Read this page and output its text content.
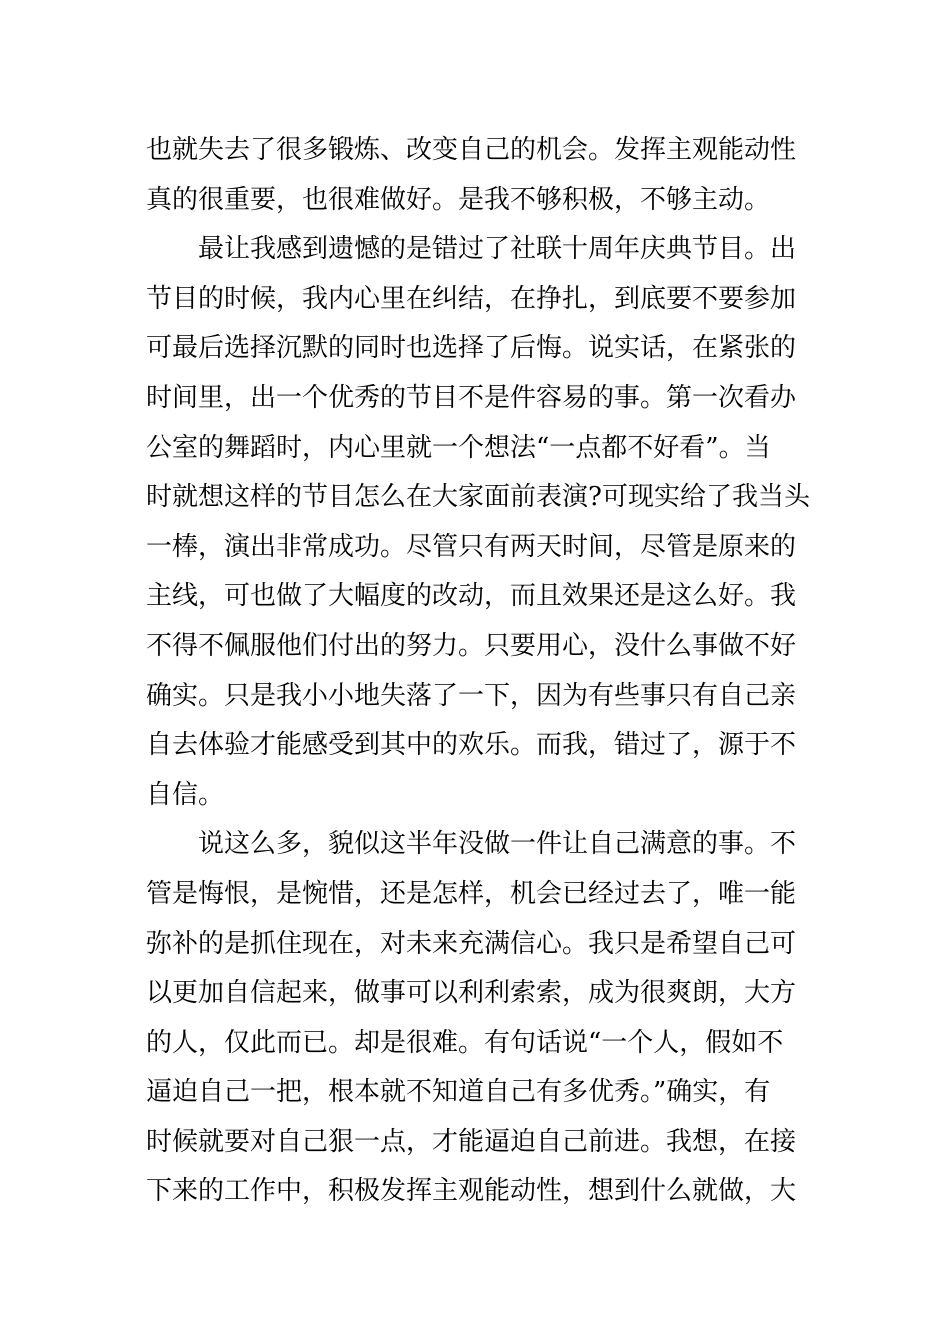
也就失去了很多锻炼、改变自己的机会。发挥主观能动性
真的很重要，也很难做好。是我不够积极，不够主动。
最让我感到遗憾的是错过了社联十周年庆典节目。出
节目的时候，我内心里在纠结，在挣扎，到底要不要参加
可最后选择沉默的同时也选择了后悔。说实话，在紧张的
时间里，出一个优秀的节目不是件容易的事。第一次看办
公室的舞蹈时，内心里就一个想法“一点都不好看”。当
时就想这样的节目怎么在大家面前表演?可现实给了我当头
一棒，演出非常成功。尽管只有两天时间，尽管是原来的
主线，可也做了大幅度的改动，而且效果还是这么好。我
不得不佩服他们付出的努力。只要用心，没什么事做不好
确实。只是我小小地失落了一下，因为有些事只有自己亲
自去体验才能感受到其中的欢乐。而我，错过了，源于不
自信。
说这么多，貌似这半年没做一件让自己满意的事。不
管是悔恨，是惋惜，还是怎样，机会已经过去了，唯一能
弥补的是抓住现在，对未来充满信心。我只是希望自己可
以更加自信起来，做事可以利利索索，成为很爽朗，大方
的人，仅此而已。却是很难。有句话说“一个人，假如不
逼迫自己一把，根本就不知道自己有多优秀。”确实，有
时候就要对自己狠一点，才能逼迫自己前进。我想，在接
下来的工作中，积极发挥主观能动性，想到什么就做，大
